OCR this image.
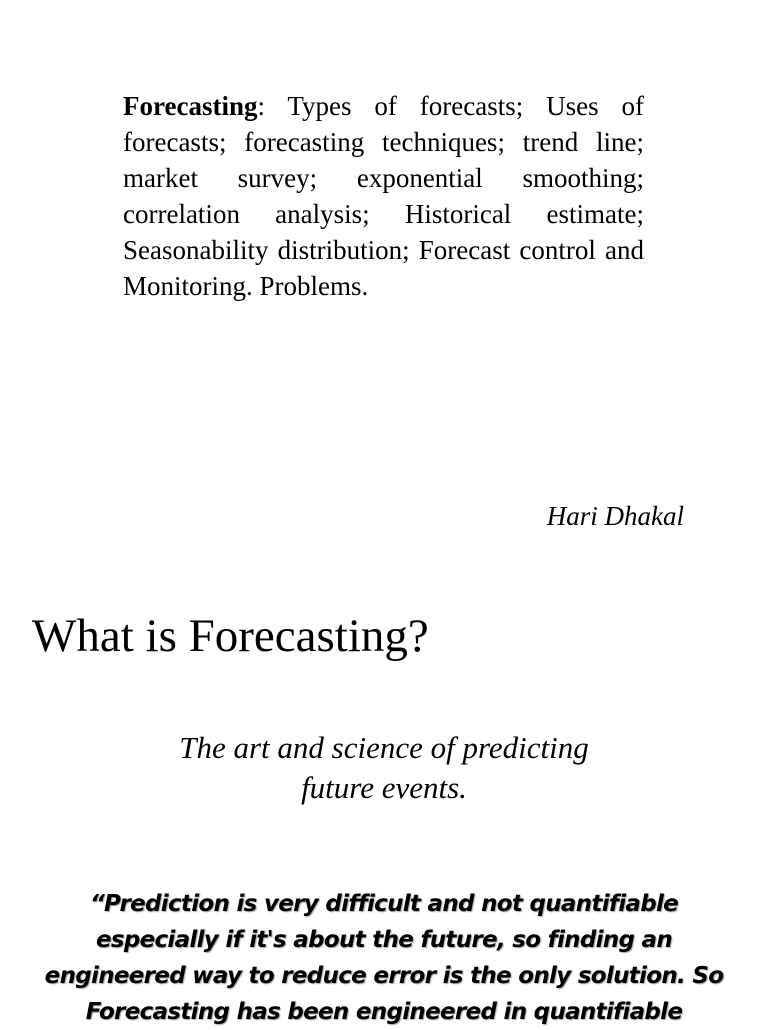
Forecasting: Types of forecasts; Uses of forecasts; forecasting techniques; trend line; market survey; exponential smoothing; correlation analysis; Historical estimate; Seasonability distribution; Forecast control and Monitoring. Problems.

Hari Dhakal

What is Forecasting?

The art and science of predicting
future events.

“Prediction is very difficult and not quantifiable especially if it's about the future, so finding an engineered way to reduce error is the only solution. So Forecasting has been engineered in quantifiable
